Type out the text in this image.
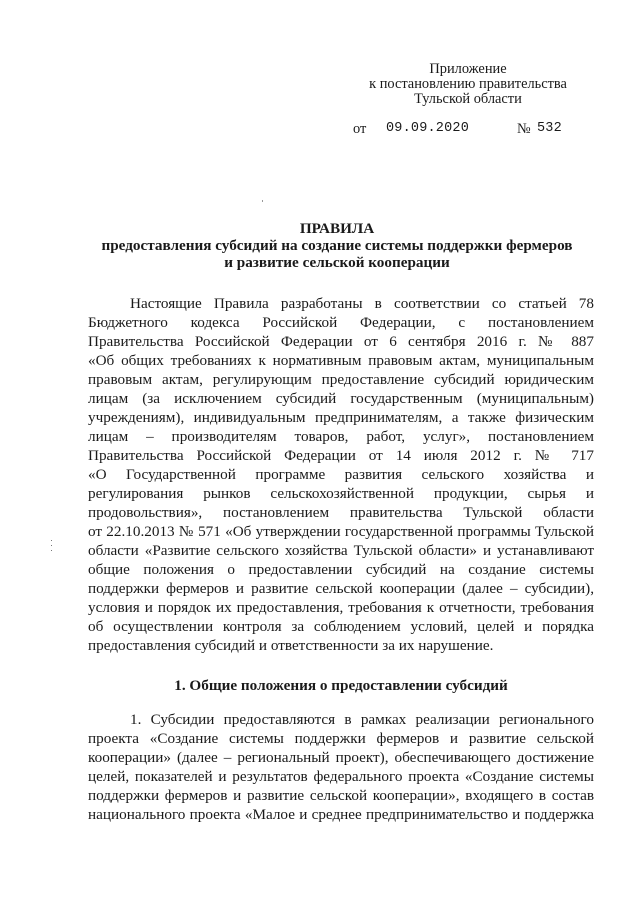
Приложение
к постановлению правительства
Тульской области
от 09.09.2020	№ 532
ПРАВИЛА
предоставления субсидий на создание системы поддержки фермеров
и развитие сельской кооперации
Настоящие Правила разработаны в соответствии со статьей 78
Бюджетного кодекса Российской Федерации, с постановлением
Правительства Российской Федерации от 6 сентября 2016 г. № 887
«Об общих требованиях к нормативным правовым актам, муниципальным
правовым актам, регулирующим предоставление субсидий юридическим
лицам (за исключением субсидий государственным (муниципальным)
учреждениям), индивидуальным предпринимателям, а также физическим
лицам – производителям товаров, работ, услуг», постановлением
Правительства Российской Федерации от 14 июля 2012 г. № 717
«О Государственной программе развития сельского хозяйства и
регулирования рынков сельскохозяйственной продукции, сырья и
продовольствия», постановлением правительства Тульской области
от 22.10.2013 № 571 «Об утверждении государственной программы Тульской
области «Развитие сельского хозяйства Тульской области» и устанавливают
общие положения о предоставлении субсидий на создание системы
поддержки фермеров и развитие сельской кооперации (далее – субсидии),
условия и порядок их предоставления, требования к отчетности, требования
об осуществлении контроля за соблюдением условий, целей и порядка
предоставления субсидий и ответственности за их нарушение.
1. Общие положения о предоставлении субсидий
1. Субсидии предоставляются в рамках реализации регионального
проекта «Создание системы поддержки фермеров и развитие сельской
кооперации» (далее – региональный проект), обеспечивающего достижение
целей, показателей и результатов федерального проекта «Создание системы
поддержки фермеров и развитие сельской кооперации», входящего в состав
национального проекта «Малое и среднее предпринимательство и поддержка
